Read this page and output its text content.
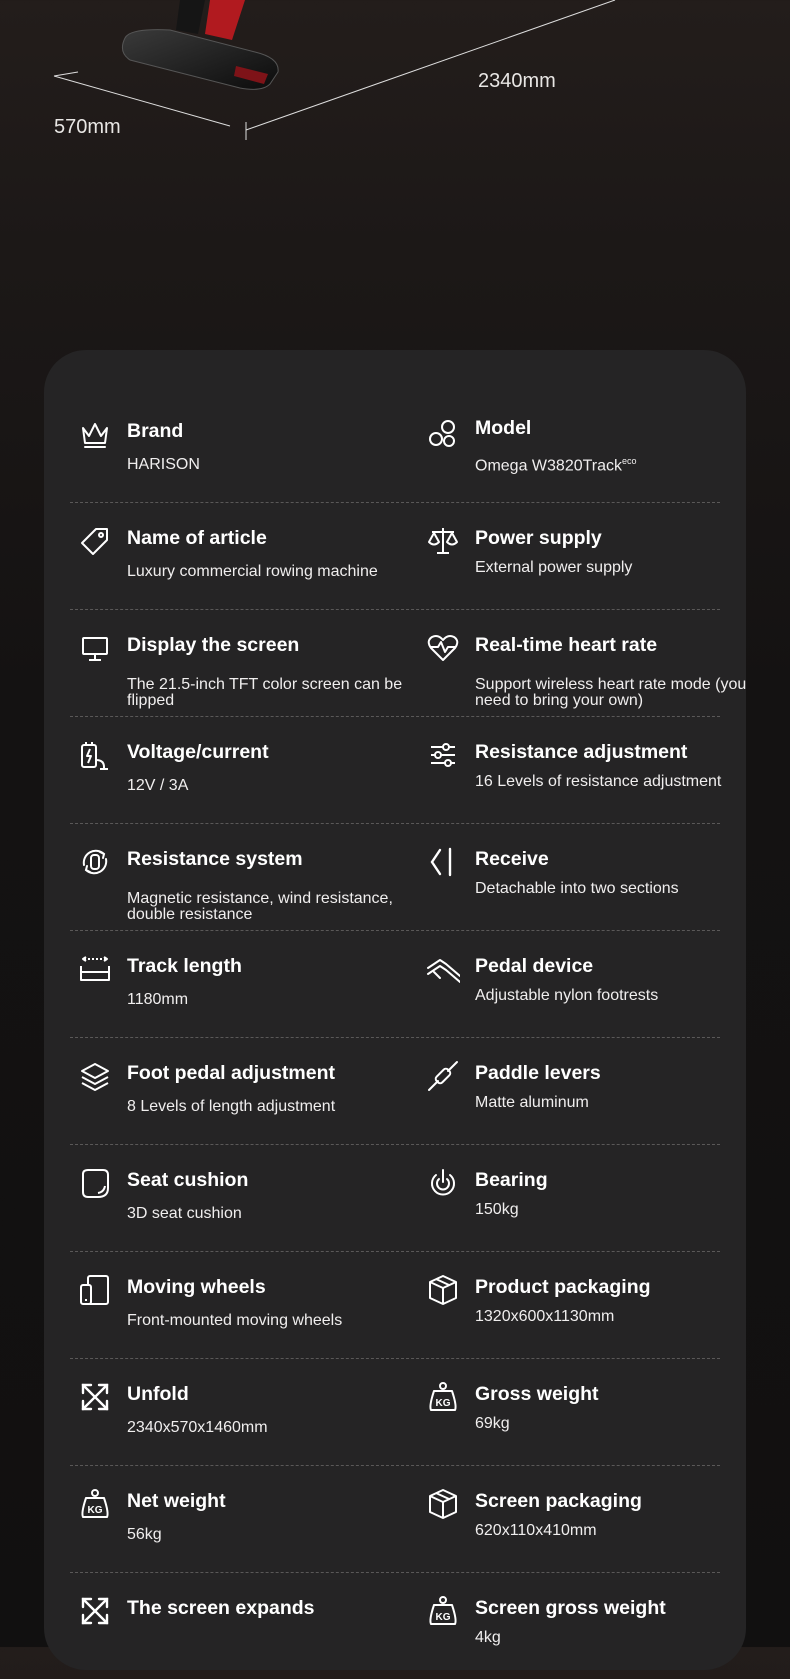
2340mm
570mm
Brand
HARISON
Model
Omega W3820Track$^{eco}$
Name of article
Luxury commercial rowing machine
Power supply
External power supply
Display the screen
The 21.5-inch TFT color screen can be flipped
Real-time heart rate
Support wireless heart rate mode (you need to bring your own)
Voltage/current
12V / 3A
Resistance adjustment
16 Levels of resistance adjustment
Resistance system
Magnetic resistance, wind resistance, double resistance
Receive
Detachable into two sections
Track length
1180mm
Pedal device
Adjustable nylon footrests
Foot pedal adjustment
8 Levels of length adjustment
Paddle levers
Matte aluminum
Seat cushion
3D seat cushion
Bearing
150kg
Moving wheels
Front-mounted moving wheels
Product packaging
1320x600x1130mm
Unfold
2340x570x1460mm
KG Gross weight
69kg
KG Net weight
56kg
Screen packaging
620x110x410mm
The screen expands	KG Screen gross weight
4kg
